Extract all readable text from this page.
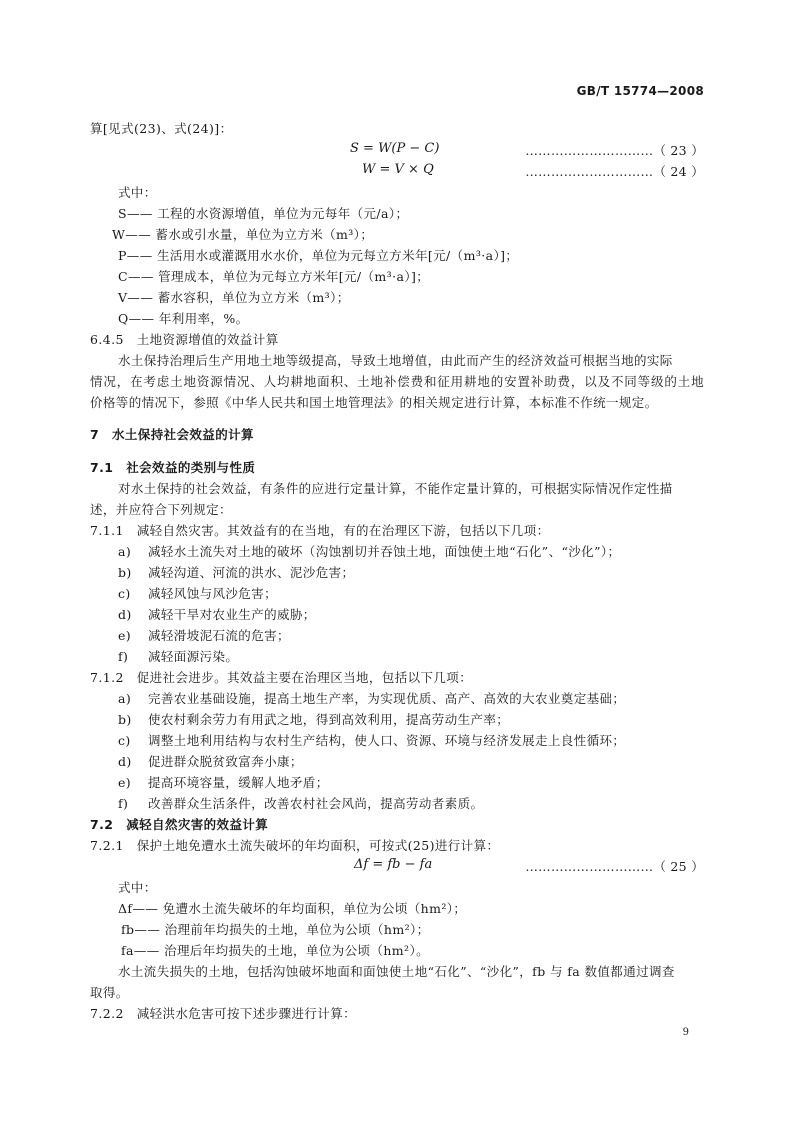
GB/T 15774—2008
算[见式(23)、式(24)]：
S = W(P − C)	…………………………（ 23 ）
W = V × Q	…………………………（ 24 ）
式中：
S—— 工程的水资源增值，单位为元每年（元/a）；
W—— 蓄水或引水量，单位为立方米（m³）；
P—— 生活用水或灌溉用水水价，单位为元每立方米年[元/（m³·a）]；
C—— 管理成本，单位为元每立方米年[元/（m³·a）]；
V—— 蓄水容积，单位为立方米（m³）；
Q—— 年利用率，%。
6.4.5　土地资源增值的效益计算
水土保持治理后生产用地土地等级提高，导致土地增值，由此而产生的经济效益可根据当地的实际
情况，在考虑土地资源情况、人均耕地面积、土地补偿费和征用耕地的安置补助费，以及不同等级的土地
价格等的情况下，参照《中华人民共和国土地管理法》的相关规定进行计算，本标准不作统一规定。
7　水土保持社会效益的计算
7.1　社会效益的类别与性质
对水土保持的社会效益，有条件的应进行定量计算，不能作定量计算的，可根据实际情况作定性描
述，并应符合下列规定：
7.1.1　减轻自然灾害。其效益有的在当地，有的在治理区下游，包括以下几项：
a) 减轻水土流失对土地的破坏（沟蚀割切并吞蚀土地，面蚀使土地“石化”、“沙化”）；
b) 减轻沟道、河流的洪水、泥沙危害；
c) 减轻风蚀与风沙危害；
d) 减轻干旱对农业生产的威胁；
e) 减轻滑坡泥石流的危害；
f) 减轻面源污染。
7.1.2　促进社会进步。其效益主要在治理区当地，包括以下几项：
a) 完善农业基础设施，提高土地生产率，为实现优质、高产、高效的大农业奠定基础；
b) 使农村剩余劳力有用武之地，得到高效利用，提高劳动生产率；
c) 调整土地利用结构与农村生产结构，使人口、资源、环境与经济发展走上良性循环；
d) 促进群众脱贫致富奔小康；
e) 提高环境容量，缓解人地矛盾；
f) 改善群众生活条件，改善农村社会风尚，提高劳动者素质。
7.2　减轻自然灾害的效益计算
7.2.1　保护土地免遭水土流失破坏的年均面积，可按式(25)进行计算：
Δf = fb − fa	…………………………（ 25 ）
式中：
Δf—— 免遭水土流失破坏的年均面积，单位为公顷（hm²）；
fb—— 治理前年均损失的土地，单位为公顷（hm²）；
fa—— 治理后年均损失的土地，单位为公顷（hm²）。
水土流失损失的土地，包括沟蚀破坏地面和面蚀使土地“石化”、“沙化”，fb 与 fa 数值都通过调查
取得。
7.2.2　减轻洪水危害可按下述步骤进行计算：
9
